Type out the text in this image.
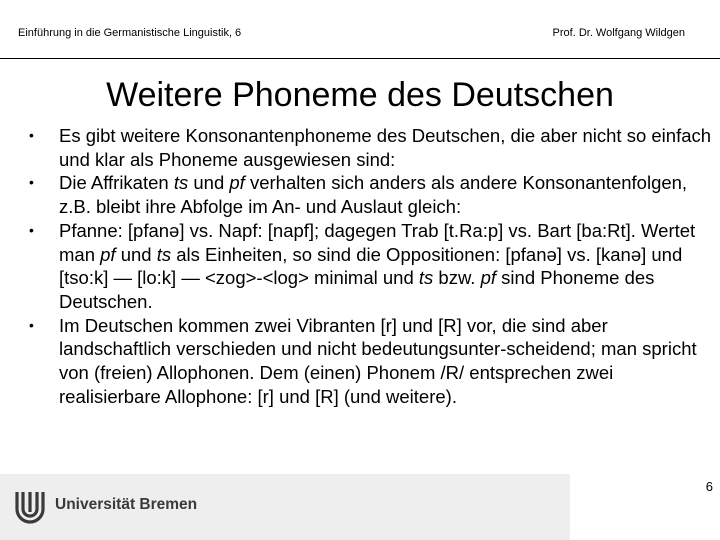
Einführung in die Germanistische Linguistik, 6	Prof. Dr. Wolfgang Wildgen
Weitere Phoneme des Deutschen
• Es gibt weitere Konsonantenphoneme des Deutschen, die aber nicht so einfach und klar als Phoneme ausgewiesen sind:
• Die Affrikaten ts und pf verhalten sich anders als andere Konsonantenfolgen, z.B. bleibt ihre Abfolge im An- und Auslaut gleich:
• Pfanne: [pfanə] vs. Napf: [napf]; dagegen Trab [t.Ra:p] vs. Bart [ba:Rt]. Wertet man pf und ts als Einheiten, so sind die Oppositionen: [pfanə] vs. [kanə] und [tso:k] — [lo:k] — <zog>-<log> minimal und ts bzw. pf sind Phoneme des Deutschen.
• Im Deutschen kommen zwei Vibranten [r] und [R] vor, die sind aber landschaftlich verschieden und nicht bedeutungsunter-scheidend; man spricht von (freien) Allophonen. Dem (einen) Phonem /R/ entsprechen zwei realisierbare Allophone: [r] und [R] (und weitere).
Universität Bremen
6
